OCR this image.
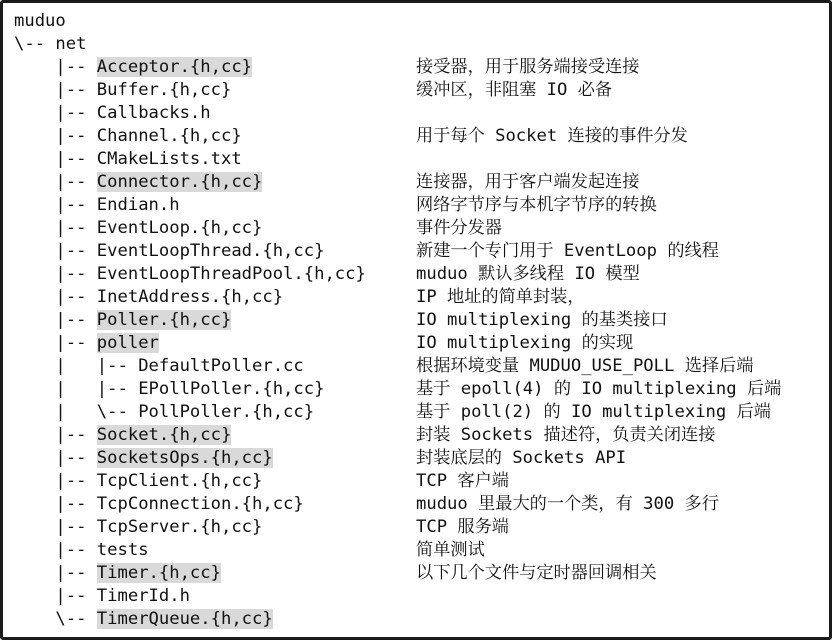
muduo
\-- net
|-- Acceptor.{h,cc}	接受器，用于服务端接受连接
|-- Buffer.{h,cc}	缓冲区，非阻塞 IO 必备
|-- Callbacks.h
|-- Channel.{h,cc}	用于每个 Socket 连接的事件分发
|-- CMakeLists.txt
|-- Connector.{h,cc}	连接器，用于客户端发起连接
|-- Endian.h	网络字节序与本机字节序的转换
|-- EventLoop.{h,cc}	事件分发器
|-- EventLoopThread.{h,cc}	新建一个专门用于 EventLoop 的线程
|-- EventLoopThreadPool.{h,cc}	muduo 默认多线程 IO 模型
|-- InetAddress.{h,cc}	IP 地址的简单封装，
|-- Poller.{h,cc}	IO multiplexing 的基类接口
|-- poller	IO multiplexing 的实现
|   |-- DefaultPoller.cc	根据环境变量 MUDUO_USE_POLL 选择后端
|   |-- EPollPoller.{h,cc}	基于 epoll(4) 的 IO multiplexing 后端
|   \-- PollPoller.{h,cc}	基于 poll(2) 的 IO multiplexing 后端
|-- Socket.{h,cc}	封装 Sockets 描述符，负责关闭连接
|-- SocketsOps.{h,cc}	封装底层的 Sockets API
|-- TcpClient.{h,cc}	TCP 客户端
|-- TcpConnection.{h,cc}	muduo 里最大的一个类，有 300 多行
|-- TcpServer.{h,cc}	TCP 服务端
|-- tests	简单测试
|-- Timer.{h,cc}	以下几个文件与定时器回调相关
|-- TimerId.h
\-- TimerQueue.{h,cc}
